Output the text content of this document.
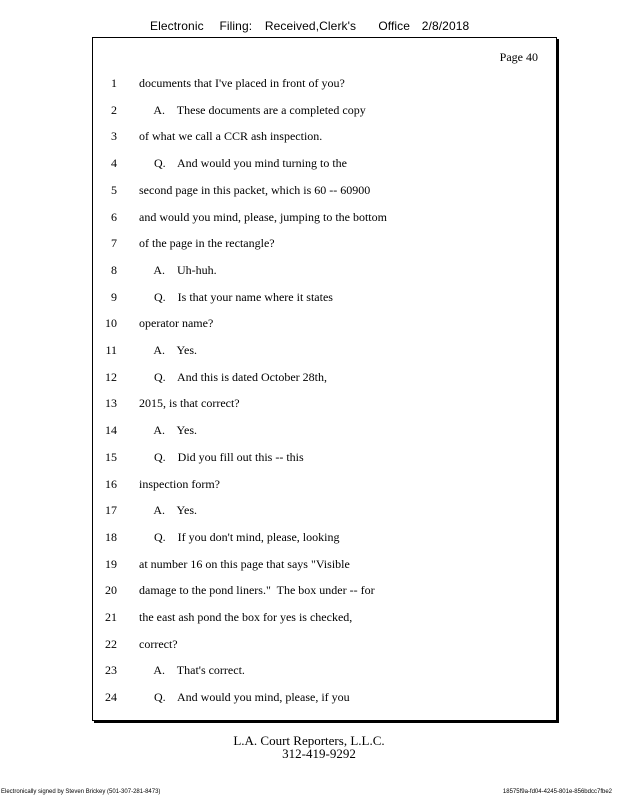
Electronic Filing: Received,Clerk's Office 2/8/2018
Page 40
1 documents that I've placed in front of you?
2 A.    These documents are a completed copy
3 of what we call a CCR ash inspection.
4 Q.    And would you mind turning to the
5 second page in this packet, which is 60 -- 60900
6 and would you mind, please, jumping to the bottom
7 of the page in the rectangle?
8 A.    Uh-huh.
9 Q.    Is that your name where it states
10 operator name?
11 A.    Yes.
12 Q.    And this is dated October 28th,
13 2015, is that correct?
14 A.    Yes.
15 Q.    Did you fill out this -- this
16 inspection form?
17 A.    Yes.
18 Q.    If you don't mind, please, looking
19 at number 16 on this page that says "Visible
20 damage to the pond liners."  The box under -- for
21 the east ash pond the box for yes is checked,
22 correct?
23 A.    That's correct.
24 Q.    And would you mind, please, if you
L.A. Court Reporters, L.L.C.
312-419-9292
Electronically signed by Steven Brickey (501-307-281-8473)	18575f9a-fd04-4245-801e-856bdcc7fbe2
